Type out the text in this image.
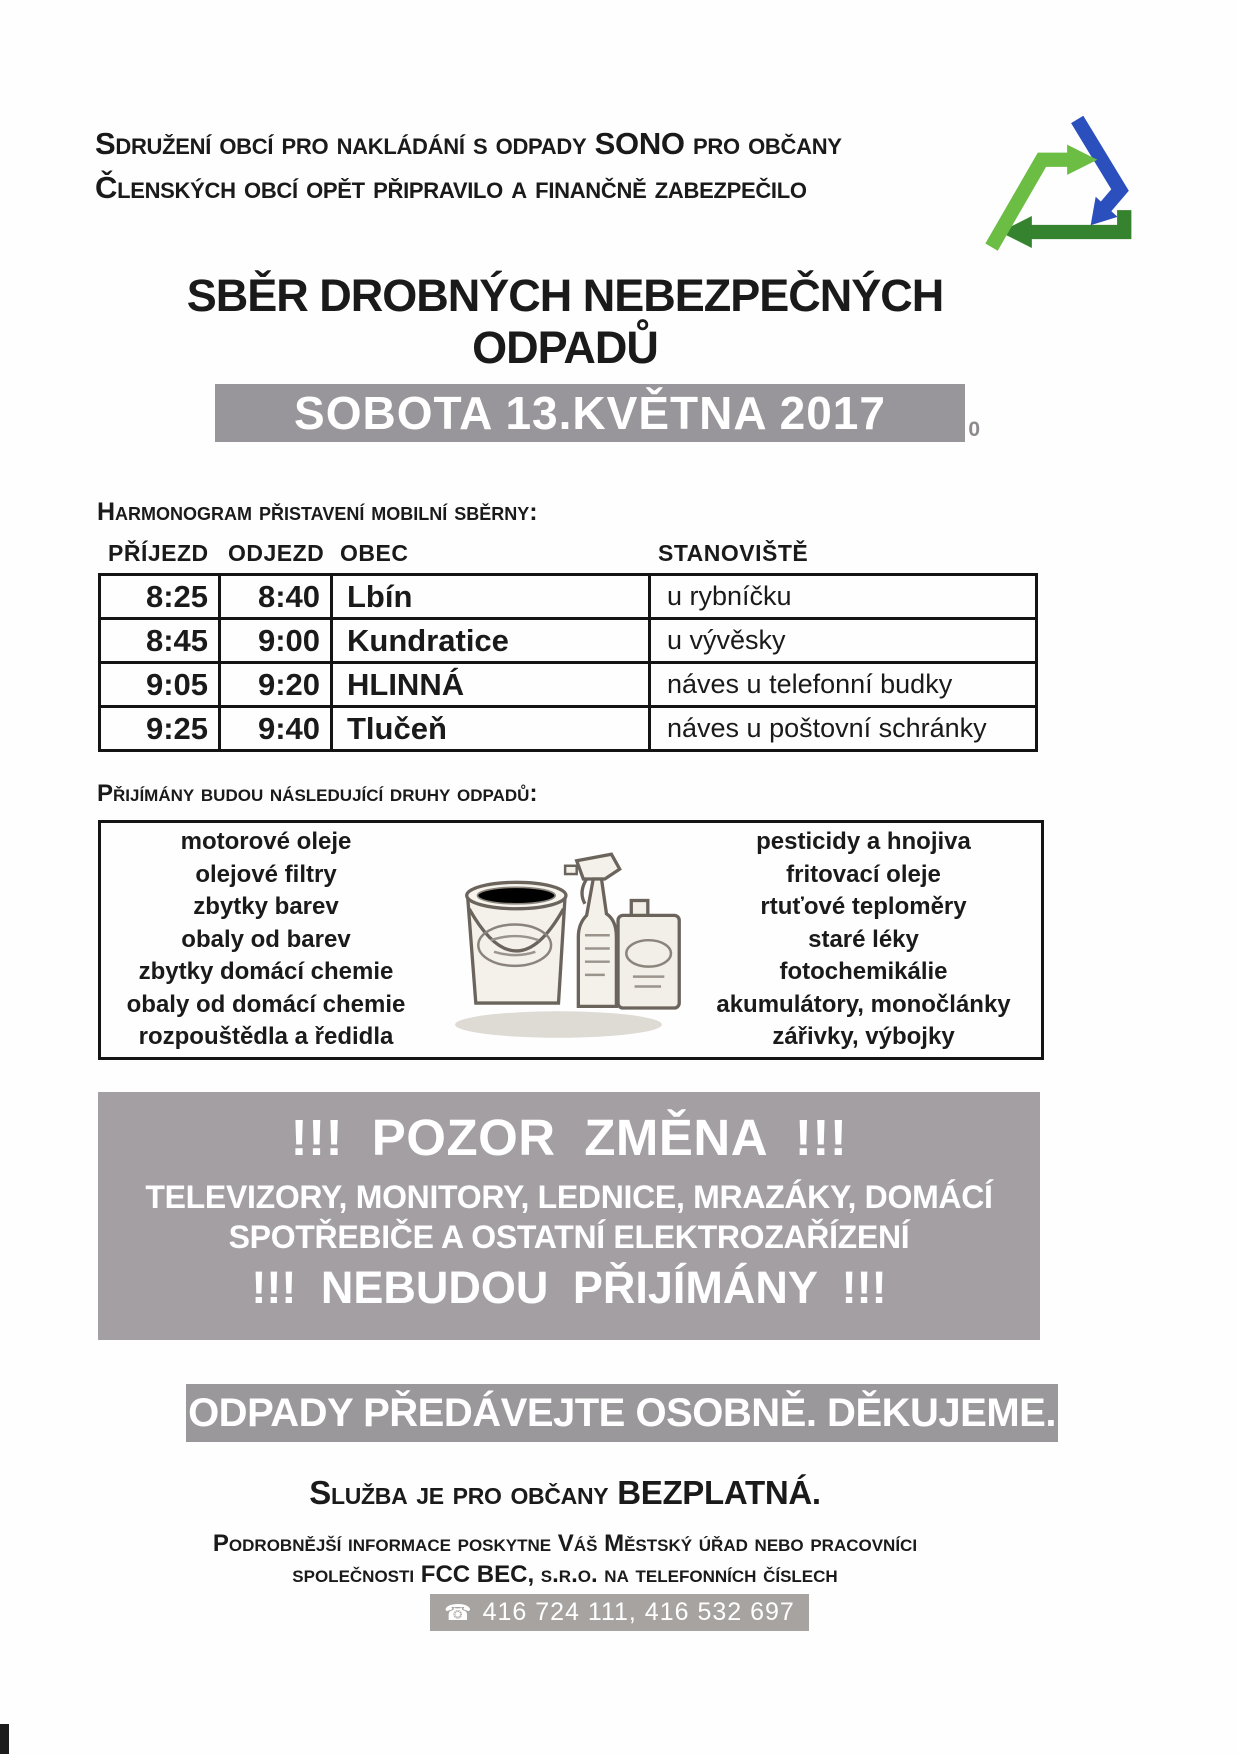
Sdružení obcí pro nakládání s odpady SONO pro občany
Členských obcí opět připravilo a finančně zabezpečilo
SBĚR DROBNÝCH NEBEZPEČNÝCH ODPADŮ
SOBOTA 13.KVĚTNA 2017	0
Harmonogram přistavení mobilní sběrny:
PŘÍJEZD ODJEZD OBEC	STANOVIŠTĚ
8:25	8:40 Lbín	u rybníčku
8:45	9:00 Kundratice	u vývěsky
9:05	9:20 HLINNÁ	náves u telefonní budky
9:25	9:40 Tlučeň	náves u poštovní schránky
Přijímány budou následující druhy odpadů:
motorové oleje
olejové filtry
zbytky barev
obaly od barev
zbytky domácí chemie
obaly od domácí chemie
rozpouštědla a ředidla
pesticidy a hnojiva
fritovací oleje
rtuťové teploměry
staré léky
fotochemikálie
akumulátory, monočlánky
zářivky, výbojky
!!! POZOR ZMĚNA !!!
TELEVIZORY, MONITORY, LEDNICE, MRAZÁKY, DOMÁCÍ
SPOTŘEBIČE A OSTATNÍ ELEKTROZAŘÍZENÍ
!!! NEBUDOU PŘIJÍMÁNY !!!
ODPADY PŘEDÁVEJTE OSOBNĚ. DĚKUJEME.
Služba je pro občany BEZPLATNÁ.
Podrobnější informace poskytne Váš Městský úřad nebo pracovníci
společnosti FCC BEC, s.r.o. na telefonních číslech
☎ 416 724 111, 416 532 697
